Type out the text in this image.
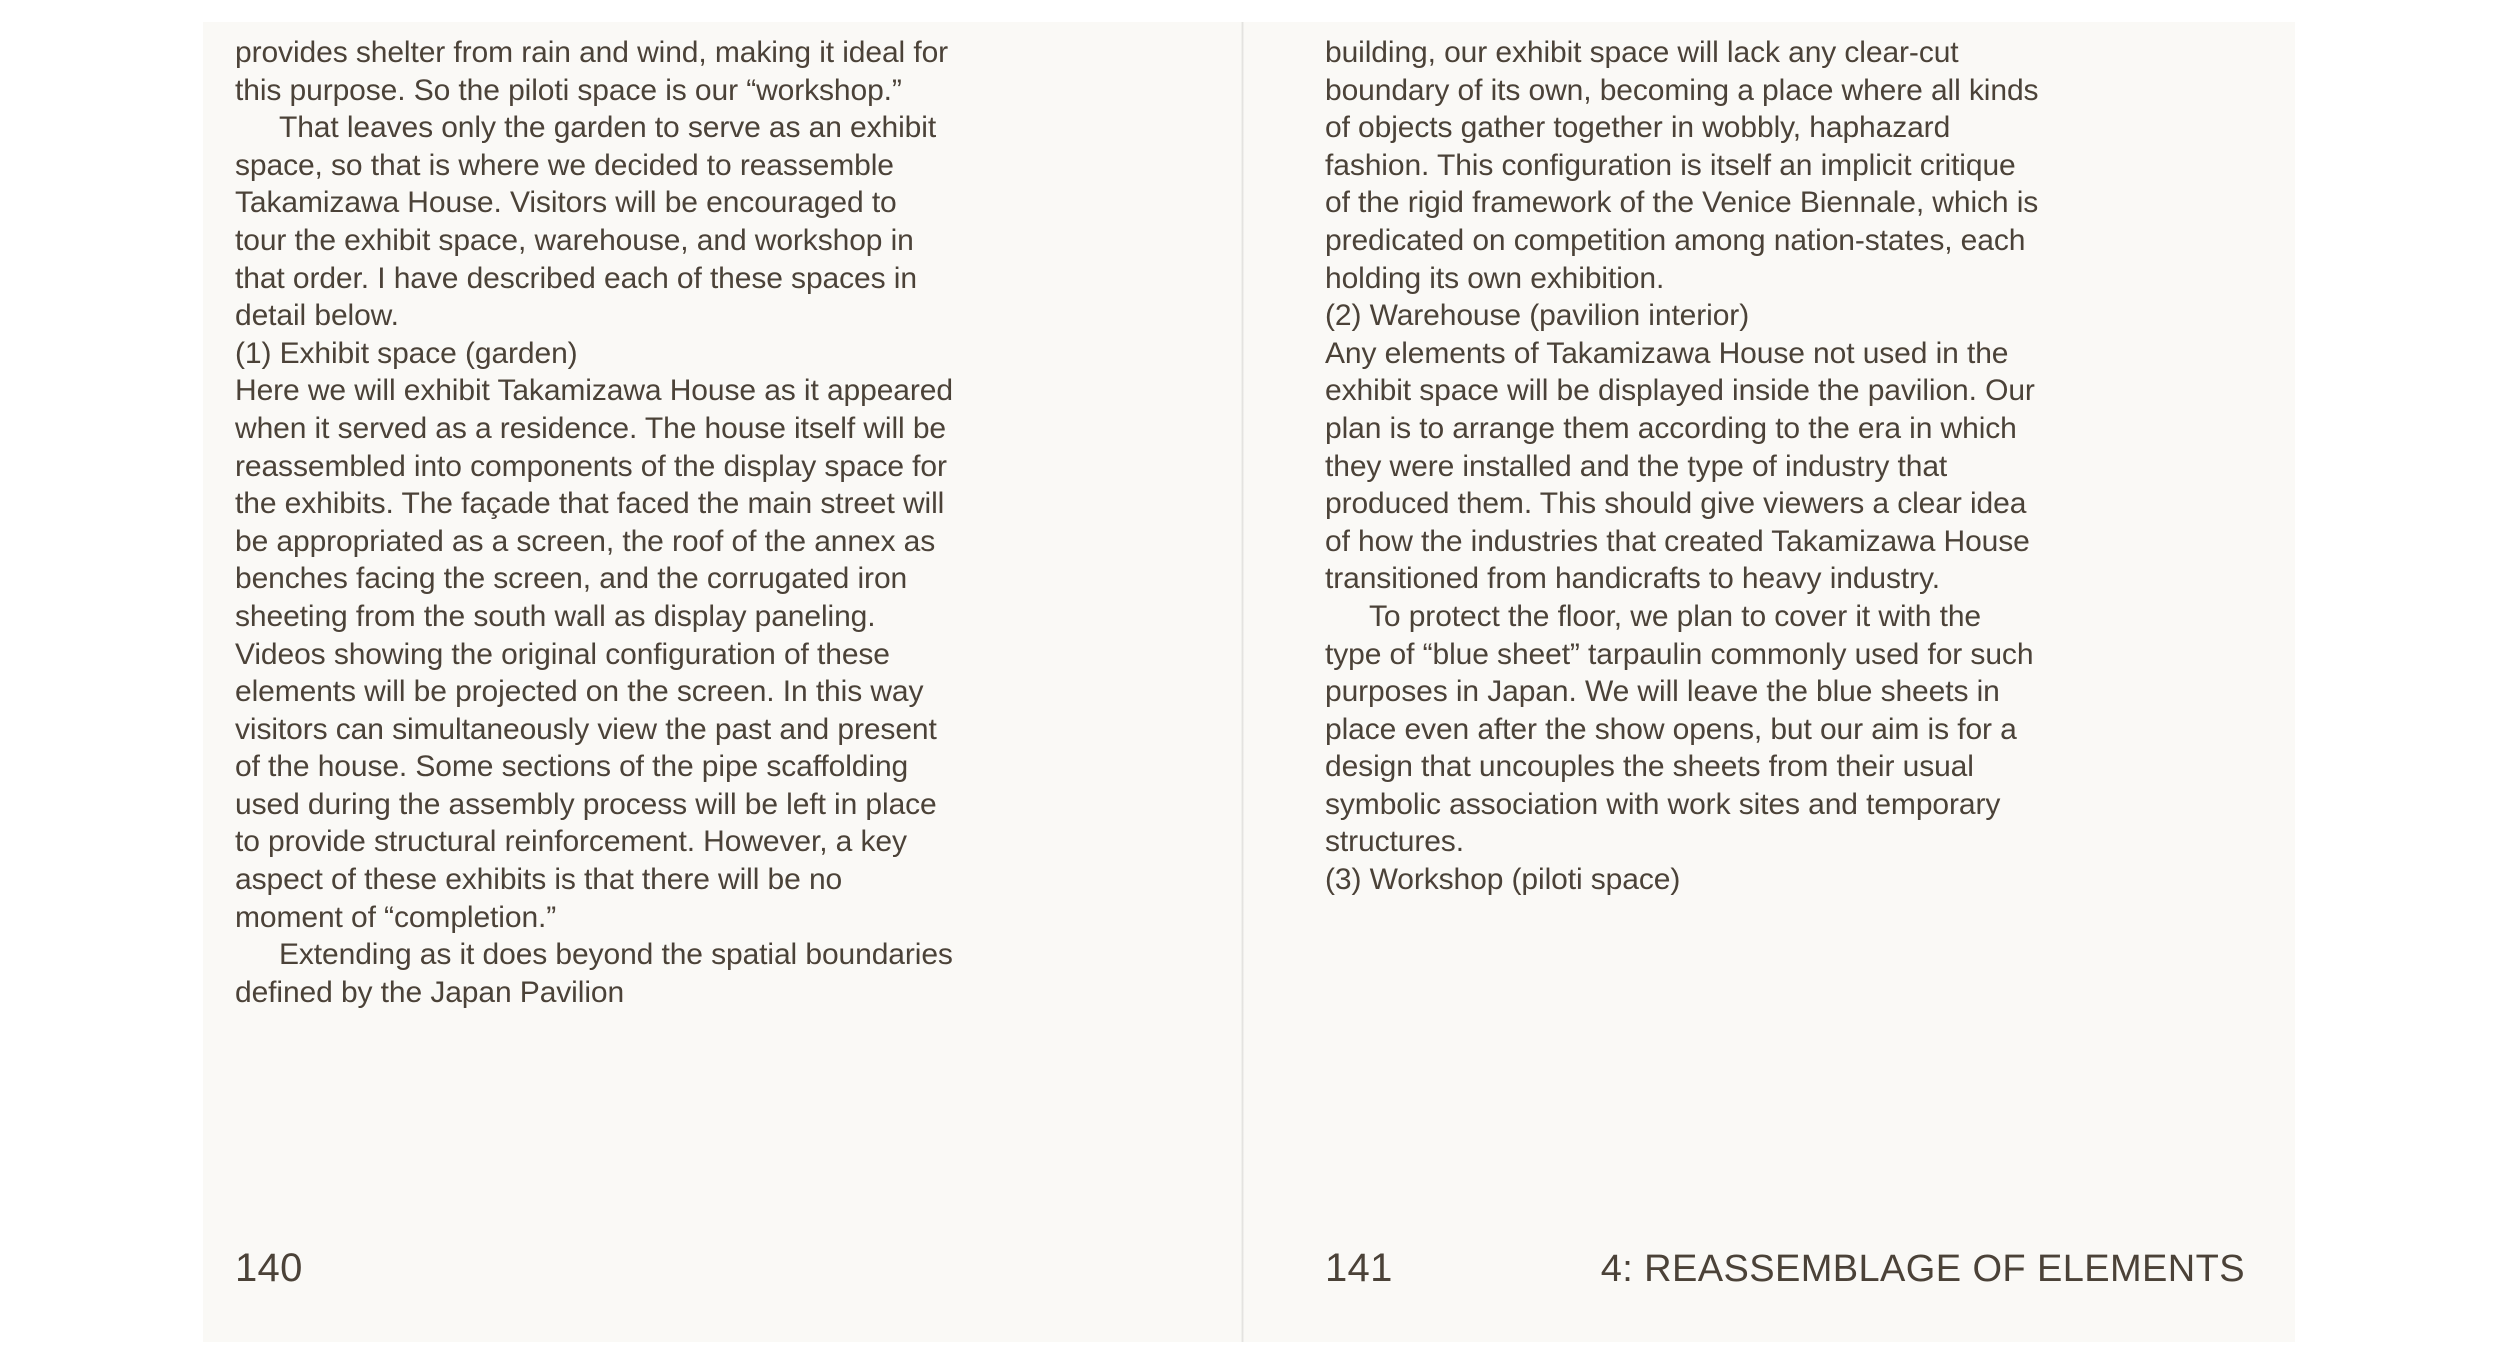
provides shelter from rain and wind, making it ideal for this purpose. So the piloti space is our “workshop.”

That leaves only the garden to serve as an exhibit space, so that is where we decided to reassemble Takamizawa House. Visitors will be encouraged to tour the exhibit space, warehouse, and workshop in that order. I have described each of these spaces in detail below.

(1) Exhibit space (garden)

Here we will exhibit Takamizawa House as it appeared when it served as a residence. The house itself will be reassembled into components of the display space for the exhibits. The façade that faced the main street will be appropriated as a screen, the roof of the annex as benches facing the screen, and the corrugated iron sheeting from the south wall as display paneling. Videos showing the original configuration of these elements will be projected on the screen. In this way visitors can simultaneously view the past and present of the house. Some sections of the pipe scaffolding used during the assembly process will be left in place to provide structural reinforcement. However, a key aspect of these exhibits is that there will be no moment of “completion.”

Extending as it does beyond the spatial boundaries defined by the Japan Pavilion

140

building, our exhibit space will lack any clear-cut boundary of its own, becoming a place where all kinds of objects gather together in wobbly, haphazard fashion. This configuration is itself an implicit critique of the rigid framework of the Venice Biennale, which is predicated on competition among nation-states, each holding its own exhibition.

(2) Warehouse (pavilion interior)

Any elements of Takamizawa House not used in the exhibit space will be displayed inside the pavilion. Our plan is to arrange them according to the era in which they were installed and the type of industry that produced them. This should give viewers a clear idea of how the industries that created Takamizawa House transitioned from handicrafts to heavy industry.

To protect the floor, we plan to cover it with the type of “blue sheet” tarpaulin commonly used for such purposes in Japan. We will leave the blue sheets in place even after the show opens, but our aim is for a design that uncouples the sheets from their usual symbolic association with work sites and temporary structures.

(3) Workshop (piloti space)

141	4: REASSEMBLAGE OF ELEMENTS
